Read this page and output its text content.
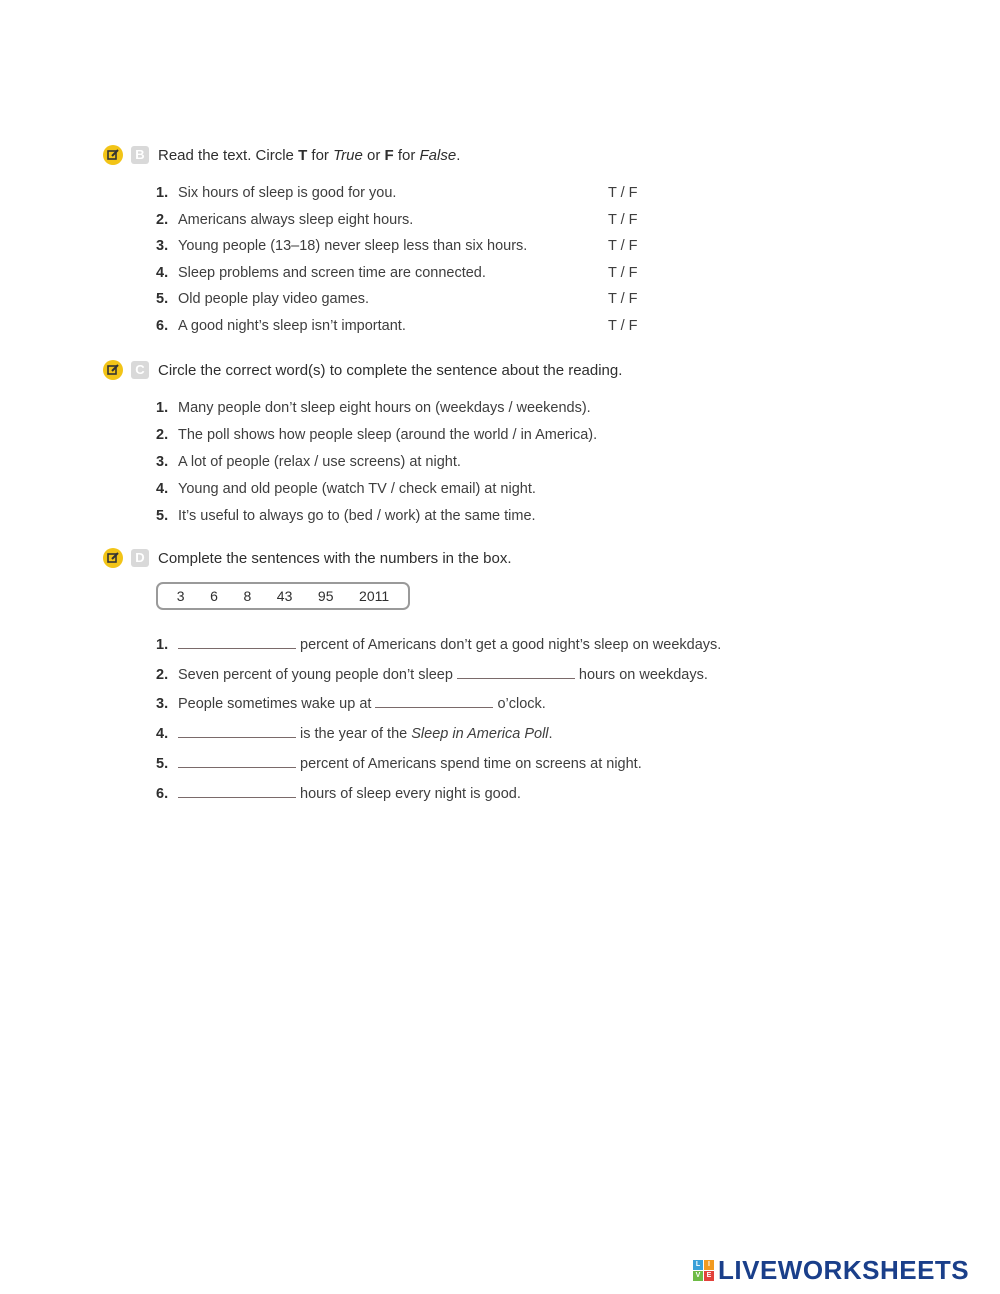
B Read the text. Circle T for True or F for False.
1. Six hours of sleep is good for you.	T / F
2. Americans always sleep eight hours.	T / F
3. Young people (13–18) never sleep less than six hours.	T / F
4. Sleep problems and screen time are connected.	T / F
5. Old people play video games.	T / F
6. A good night’s sleep isn’t important.	T / F
C Circle the correct word(s) to complete the sentence about the reading.
1. Many people don’t sleep eight hours on (weekdays / weekends).
2. The poll shows how people sleep (around the world / in America).
3. A lot of people (relax / use screens) at night.
4. Young and old people (watch TV / check email) at night.
5. It’s useful to always go to (bed / work) at the same time.
D Complete the sentences with the numbers in the box.
3 6 8 43 95 2011
1.	percent of Americans don’t get a good night’s sleep on weekdays.
2. Seven percent of young people don’t sleep	hours on weekdays.
3. People sometimes wake up at	o’clock.
4.	is the year of the Sleep in America Poll.
5.	percent of Americans spend time on screens at night.
6.	hours of sleep every night is good.
L	I
V E LIVEWORKSHEETS
